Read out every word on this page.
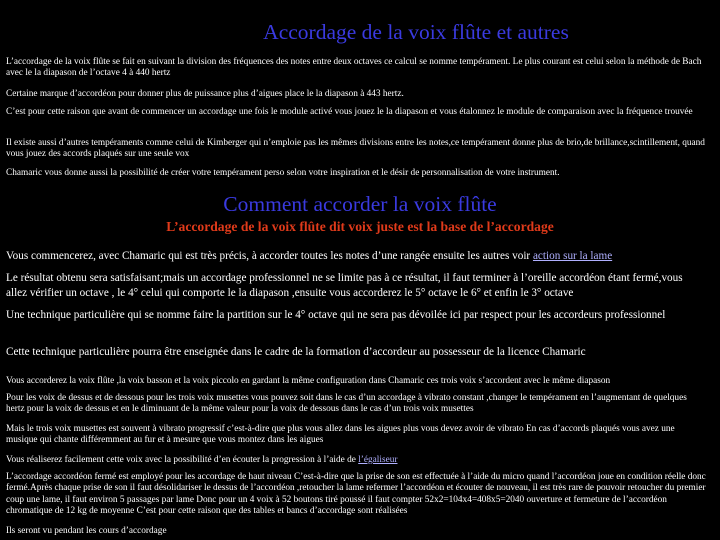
Accordage de la voix flûte et autres

L’accordage de la voix flûte se fait en suivant la division des fréquences des notes entre deux octaves ce calcul se nomme tempérament. Le plus courant est celui selon la méthode de Bach avec le la diapason de l’octave 4 à 440 hertz

Certaine marque d’accordéon pour donner plus de puissance plus d’aigues place le la diapason à 443 hertz.

C’est pour cette raison que avant de commencer un accordage une fois le module activé vous jouez le la diapason et vous étalonnez le module de comparaison avec la fréquence trouvée

Il existe aussi d’autres tempéraments comme celui de Kimberger qui n’emploie pas les mêmes divisions entre les notes,ce tempérament donne plus de brio,de brillance,scintillement, quand vous jouez des accords plaqués sur une seule vox

Chamaric vous donne aussi la possibilité de créer votre tempérament perso selon votre inspiration et le désir de personnalisation de votre instrument.

Comment accorder la voix flûte
L’accordage de la voix flûte dit voix juste est la base de l’accordage

Vous commencerez, avec Chamaric qui est très précis, à accorder toutes les notes d’une rangée ensuite les autres voir action sur la lame

Le résultat obtenu sera satisfaisant;mais un accordage professionnel ne se limite pas à ce résultat, il faut terminer à l’oreille accordéon étant fermé,vous allez vérifier un octave , le 4° celui qui comporte le la diapason ,ensuite vous accorderez le 5° octave le 6° et enfin le 3° octave

Une technique particulière qui se nomme faire la partition sur le 4° octave qui ne sera pas dévoilée ici par respect pour les accordeurs professionnel

Cette technique particulière pourra être enseignée dans le cadre de la formation d’accordeur au possesseur de la licence Chamaric

Vous accorderez la voix flûte ,la voix basson et la voix piccolo en gardant la même configuration dans Chamaric ces trois voix s’accordent avec le même diapason

Pour les voix de dessus et de dessous pour les trois voix musettes vous pouvez soit dans le cas d’un accordage à vibrato constant ,changer le tempérament en l’augmentant de quelques hertz pour la voix de dessus et en le diminuant de la même valeur pour la voix de dessous dans le cas d’un trois voix musettes

Mais le trois voix musettes est souvent à vibrato progressif c’est-à-dire que plus vous allez dans les aigues plus vous devez avoir de vibrato En cas d’accords plaqués vous avez une musique qui chante différemment au fur et à mesure que vous montez dans les aigues

Vous réaliserez facilement cette voix avec la possibilité d’en écouter la progression à l’aide de l’égaliseur

L’accordage accordéon fermé est employé pour les accordage de haut niveau C’est-à-dire que la prise de son est effectuée à l’aide du micro quand l’accordéon joue en condition réelle donc fermé.Après chaque prise de son il faut désolidariser le dessus de l’accordéon ,retoucher la lame refermer l’accordéon et écouter de nouveau, il est très rare de pouvoir retoucher du premier coup une lame, il faut environ 5 passages par lame Donc pour un 4 voix à 52 boutons tiré poussé il faut compter 52x2=104x4=408x5=2040 ouverture et fermeture de l’accordéon chromatique de 12 kg de moyenne C’est pour cette raison que des tables et bancs d’accordage sont réalisées

Ils seront vu pendant les cours d’accordage
